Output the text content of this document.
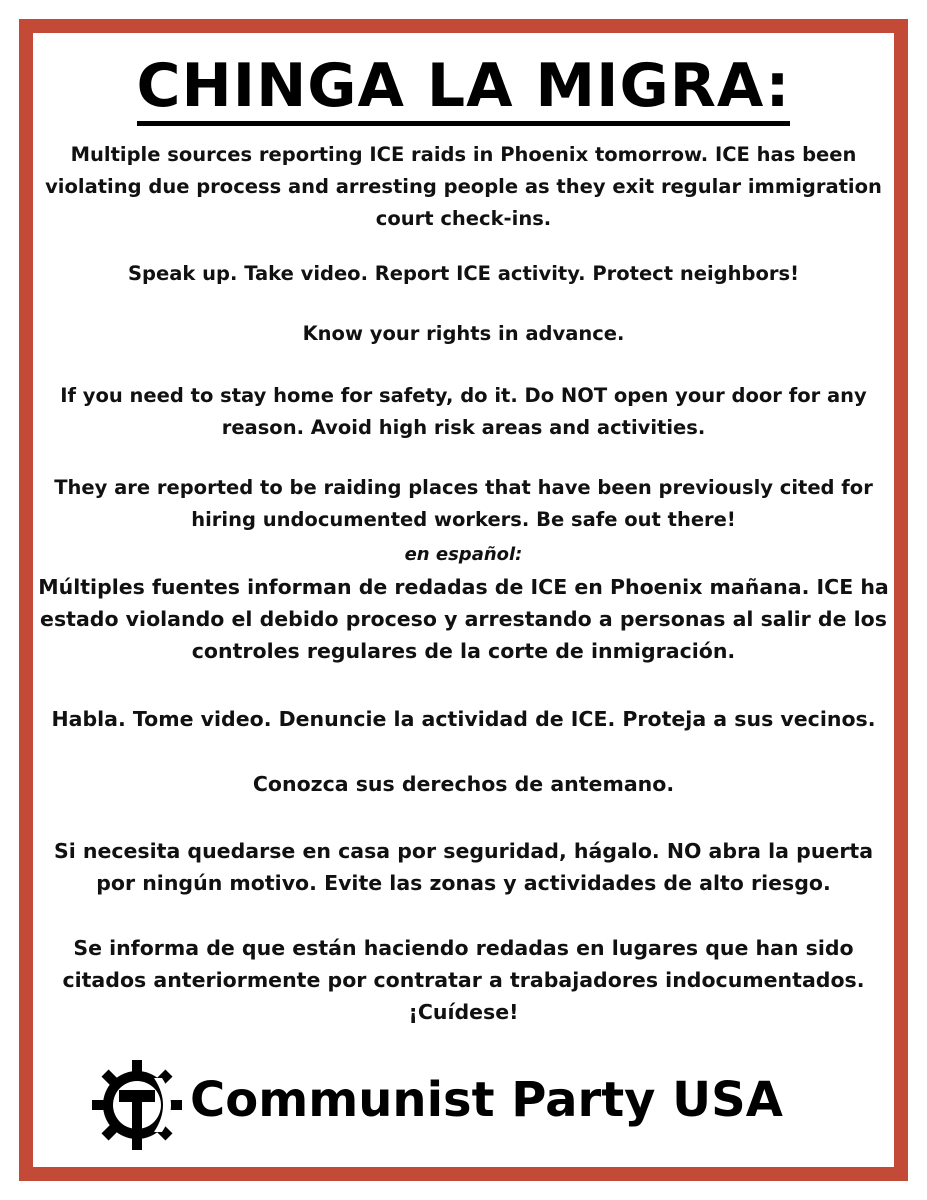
CHINGA LA MIGRA:

Multiple sources reporting ICE raids in Phoenix tomorrow. ICE has been violating due process and arresting people as they exit regular immigration court check-ins.

Speak up. Take video. Report ICE activity. Protect neighbors!

Know your rights in advance.

If you need to stay home for safety, do it. Do NOT open your door for any reason. Avoid high risk areas and activities.

They are reported to be raiding places that have been previously cited for hiring undocumented workers. Be safe out there!

en español:

Múltiples fuentes informan de redadas de ICE en Phoenix mañana. ICE ha estado violando el debido proceso y arrestando a personas al salir de los controles regulares de la corte de inmigración.

Habla. Tome video. Denuncie la actividad de ICE. Proteja a sus vecinos.

Conozca sus derechos de antemano.

Si necesita quedarse en casa por seguridad, hágalo. NO abra la puerta por ningún motivo. Evite las zonas y actividades de alto riesgo.

Se informa de que están haciendo redadas en lugares que han sido citados anteriormente por contratar a trabajadores indocumentados. ¡Cuídese!

Communist Party USA
